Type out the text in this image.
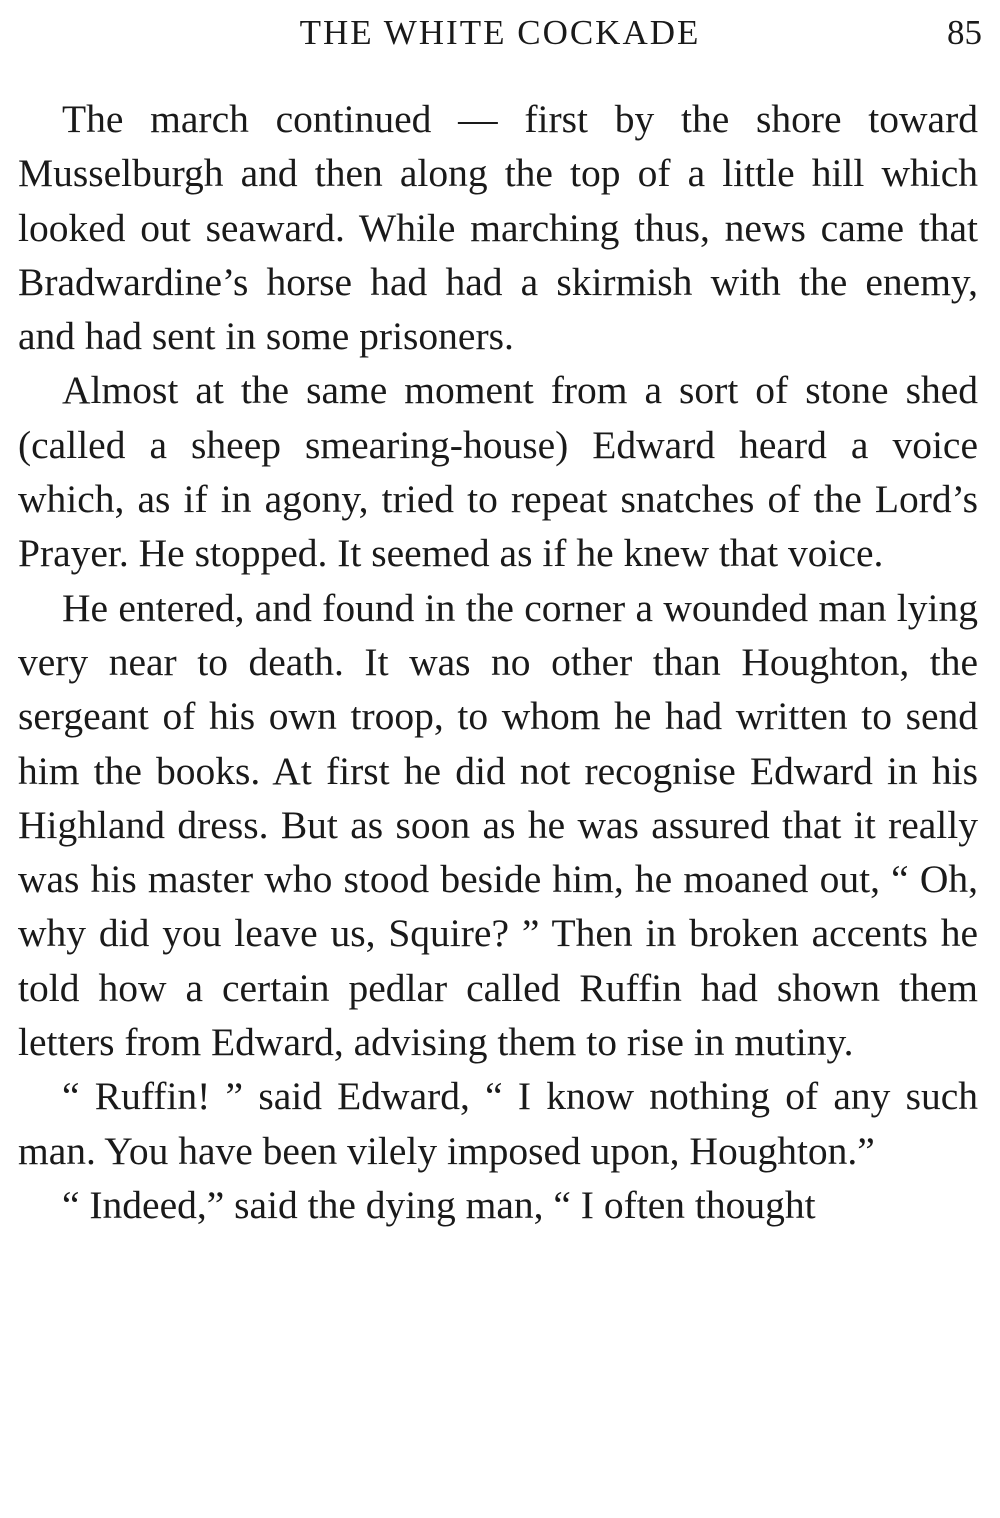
THE WHITE COCKADE	85

The march continued — first by the shore toward Musselburgh and then along the top of a little hill which looked out seaward. While marching thus, news came that Bradwardine’s horse had had a skirmish with the enemy, and had sent in some prisoners.

Almost at the same moment from a sort of stone shed (called a sheep smearing-house) Edward heard a voice which, as if in agony, tried to repeat snatches of the Lord’s Prayer. He stopped. It seemed as if he knew that voice.

He entered, and found in the corner a wounded man lying very near to death. It was no other than Houghton, the sergeant of his own troop, to whom he had written to send him the books. At first he did not recognise Edward in his Highland dress. But as soon as he was assured that it really was his master who stood beside him, he moaned out, “ Oh, why did you leave us, Squire? ” Then in broken accents he told how a certain pedlar called Ruffin had shown them letters from Edward, advising them to rise in mutiny.

“ Ruffin! ” said Edward, “ I know nothing of any such man. You have been vilely imposed upon, Houghton.”

“ Indeed,” said the dying man, “ I often thought
